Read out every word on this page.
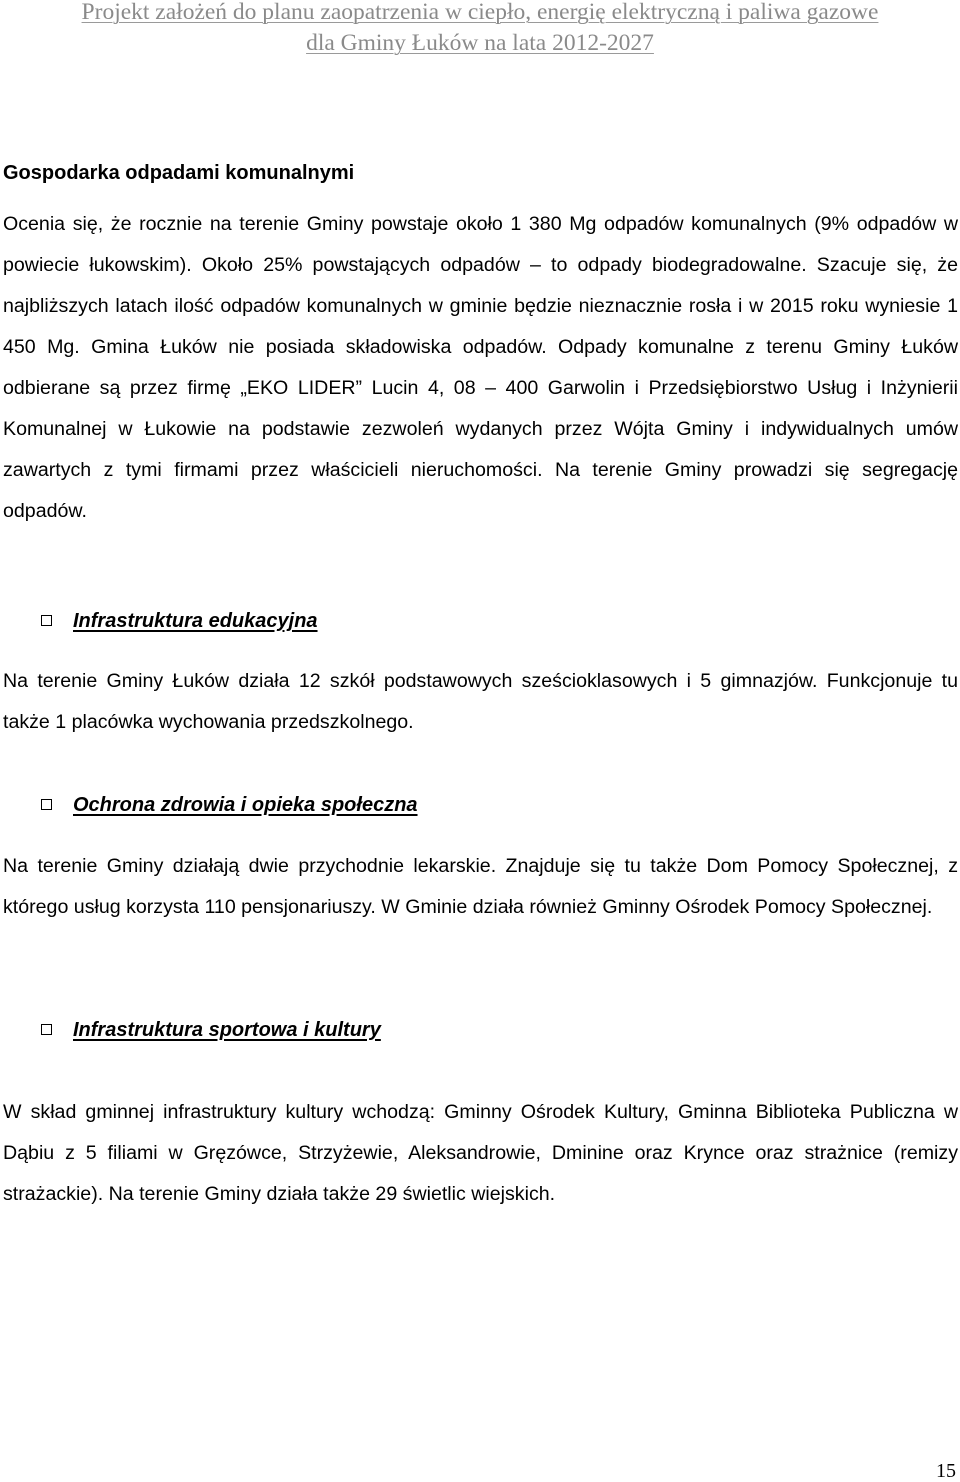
Projekt założeń do planu zaopatrzenia w ciepło, energię elektryczną i paliwa gazowe
dla Gminy Łuków na lata 2012-2027
Gospodarka odpadami komunalnymi

Ocenia się, że rocznie na terenie Gminy powstaje około 1 380 Mg odpadów komunalnych (9% odpadów w powiecie łukowskim). Około 25% powstających odpadów – to odpady biodegradowalne. Szacuje się, że najbliższych latach ilość odpadów komunalnych w gminie będzie nieznacznie rosła i w 2015 roku wyniesie 1 450 Mg. Gmina Łuków nie posiada składowiska odpadów. Odpady komunalne z terenu Gminy Łuków odbierane są przez firmę „EKO LIDER” Lucin 4, 08 – 400 Garwolin i Przedsiębiorstwo Usług i Inżynierii Komunalnej w Łukowie na podstawie zezwoleń wydanych przez Wójta Gminy i indywidualnych umów zawartych z tymi firmami przez właścicieli nieruchomości. Na terenie Gminy prowadzi się segregację odpadów.

Infrastruktura edukacyjna

Na terenie Gminy Łuków działa 12 szkół podstawowych sześcioklasowych i 5 gimnazjów. Funkcjonuje tu także 1 placówka wychowania przedszkolnego.

Ochrona zdrowia i opieka społeczna

Na terenie Gminy działają dwie przychodnie lekarskie. Znajduje się tu także Dom Pomocy Społecznej, z którego usług korzysta 110 pensjonariuszy. W Gminie działa również Gminny Ośrodek Pomocy Społecznej.

Infrastruktura sportowa i kultury

W skład gminnej infrastruktury kultury wchodzą: Gminny Ośrodek Kultury, Gminna Biblioteka Publiczna w Dąbiu z 5 filiami w Gręzówce, Strzyżewie, Aleksandrowie, Dminine oraz Krynce oraz strażnice (remizy strażackie). Na terenie Gminy działa także 29 świetlic wiejskich.

15
